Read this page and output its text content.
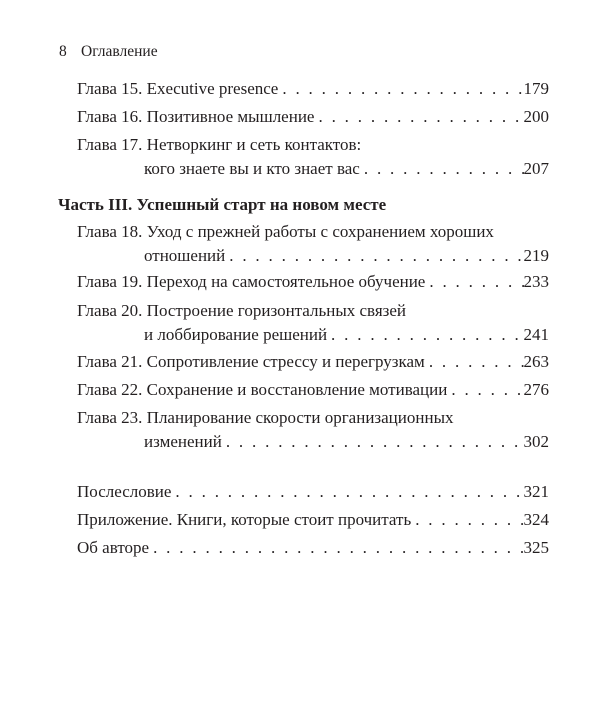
8 Оглавление
Глава 15. Executive presence . . .	179
Глава 16. Позитивное мышление . . .	200
Глава 17. Нетворкинг и сеть контактов:
кого знаете вы и кто знает вас . . .	207
Часть III. Успешный старт на новом месте
Глава 18. Уход с прежней работы с сохранением хороших
отношений . . .	219
Глава 19. Переход на самостоятельное обучение . . .	233
Глава 20. Построение горизонтальных связей
и лоббирование решений . . .	241
Глава 21. Сопротивление стрессу и перегрузкам . . .	263
Глава 22. Сохранение и восстановление мотивации . . .	276
Глава 23. Планирование скорости организационных
изменений . . .	302
Послесловие . . .	321
Приложение. Книги, которые стоит прочитать . . .	324
Об авторе . . .	325
